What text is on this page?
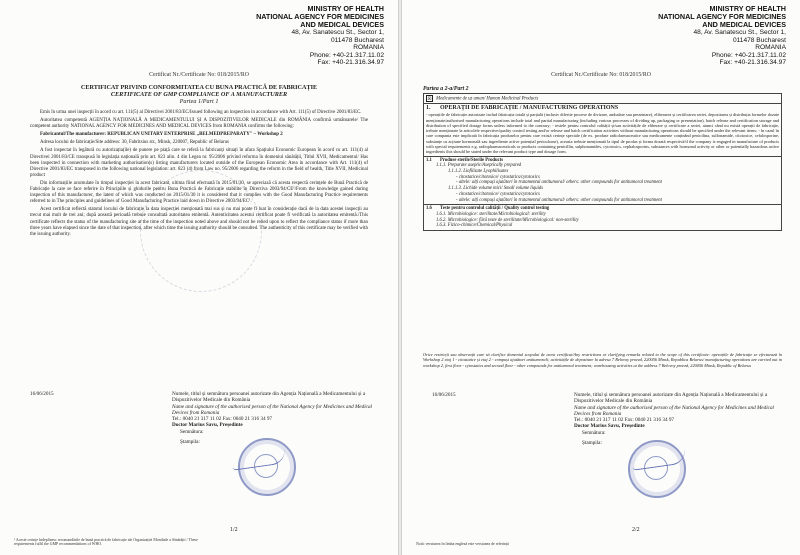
MINISTRY OF HEALTH
NATIONAL AGENCY FOR MEDICINES
AND MEDICAL DEVICES
48, Av. Sanatescu St., Sector 1,
011478 Bucharest
ROMANIA
Phone: +40-21.317.11.02
Fax: +40-21.316.34.97
Certificat Nr./Certificate No: 018/2015/RO
CERTIFICAT PRIVIND CONFORMITATEA CU BUNA PRACTICĂ DE FABRICAȚIE
CERTIFICATE OF GMP COMPLIANCE OF A MANUFACTURER
Partea 1/Part 1

Emis în urma unei inspecții în acord cu art. 111(5) al Directivei 2001/83/EC/Issued following an inspection in accordance with Art. 111(5) of Directive 2001/83/EC.

Autoritatea competentă AGENȚIA NAȚIONALĂ A MEDICAMENTULUI ȘI A DISPOZITIVELOR MEDICALE din ROMÂNIA confirmă următoarele/ The competent authority NATIONAL AGENCY FOR MEDICINES AND MEDICAL DEVICES from ROMANIA confirms the following:

Fabricantul/The manufacturer: REPUBLICAN UNITARY ENTERPRISE „BELMEDPREPARATY" – Workshop 2

Adresa locului de fabricație/Site address: 30, Fabritsius str., Minsk, 220007, Republic of Belarus

A fost inspectat în legătură cu autorizația(ile) de punere pe piață care se referă la fabricanți situați în afara Spațiului Economic European în acord cu art. 111(4) al Directivei 2001/83/CE transpusă în legislația națională prin art. 823 alin. 4 din Legea nr. 95/2006 privind reforma în domeniul sănătății, Titlul XVII, Medicamentul/ Has been inspected in connection with marketing authorisation(s) listing manufacturers located outside of the European Economic Area in accordance with Art. 111(4) of Directive 2001/83/EC transposed in the following national legislation: art. 823 (4) from Law no. 95/2006 regarding the reform in the field of health, Title XVII, Medicinal product

Din informațiile acumulate în timpul inspecției la acest fabricant, ultima fiind efectuată în 2015/01/30, se apreciază că acesta respectă cerințele de Bună Practică de Fabricație la care se face referire în Principiile și ghidurile pentru Buna Practică de Fabricație stabilite în Directiva 2003/94/CE¹/From the knowledge gained during inspection of this manufacturer, the latest of which was conducted on 2015/01/30 it is considered that it complies with the Good Manufacturing Practice requirements referred to in The principles and guidelines of Good Manufacturing Practice laid down in Directive 2003/94/EC¹.

Acest certificat reflectă statutul locului de fabricație la data inspecției menționată mai sus și nu mai poate fi luat în considerație dacă de la data acestei inspecții au trecut mai mult de trei ani; după această perioadă trebuie consultată autoritatea emitentă. Autenticitatea acestui certificat poate fi verificată la autoritatea emitentă./This certificate reflects the status of the manufacturing site at the time of the inspection noted above and should not be relied upon to reflect the compliance status if more than three years have elapsed since the date of that inspection, after which time the issuing authority should be consulted. The authenticity of this certificate may be verified with the issuing authority.

16/06/2015	Numele, titlul și semnătura persoanei autorizate din Agenția Națională a Medicamentului și a Dispozitivelor Medicale din România
Name and signature of the authorised person of the National Agency for Medicines and Medical Devices from Romania
Tel.: 0040 21 317 11 02 Fax: 0040 21 316 34 97
Doctor Marius Savu, Președinte
Semnătura:
Ștampila:
¹ Aceste cerințe îndeplinesc recomandările de bună practică de fabricație ale Organizației Mondiale a Sănătății / These requirements fulfil the GMP recommendations of WHO.
1/2
MINISTRY OF HEALTH
NATIONAL AGENCY FOR MEDICINES
AND MEDICAL DEVICES
48, Av. Sanatescu St., Sector 1,
011478 Bucharest
ROMANIA
Phone: +40-21.317.11.02
Fax: +40-21.316.34.97
Certificat Nr./Certificate No: 018/2015/RO
Partea a 2-a/Part 2
☒ Medicamente de uz uman/ Human Medicinal Products
1.	OPERAȚII DE FABRICAȚIE / MANUFACTURING OPERATIONS
- operațiile de fabricație autorizate includ fabricația totală și parțială (inclusiv diferite procese de divizare, ambalare sau prezentare), eliberarea și certificarea seriei, depozitarea și distribuția formelor dozate menționate/authorised manufacturing operations include total and partial manufacturing (including various processes of dividing up, packaging or presentation), batch release and certification storage and distribution of specified dosage forms unless informed to the contrary; - testele pentru controlul calității și/sau activitățile de eliberare și certificare a seriei, atunci când nu există operații de fabricație, trebuie menționate la articolele respective/quality control testing and/or release and batch certification activities without manufacturing operations should be specified under the relevant items; - în cazul în care compania este implicată în fabricația produselor pentru care există cerințe speciale (de ex. produse radiofarmaceutice sau medicamente conținând penicilina, sulfonamide, citotoxice, cefalosporine, substanțe cu acțiune hormonală sau ingrediente active potențial periculoase), aceasta trebuie menționată la tipul de produs și forma dozată respectivă/if the company is engaged in manufacture of products with special requirements e.g. radiopharmaceuticals or products containing penicillin, sulphonamides, cytotoxics, cephalosporins, substances with hormonal activity or other or potentially hazardous active ingredients this should be stated under the relevant product type and dosage form.
1.1	Produse sterile/Sterile Products
1.1.1. Preparate aseptic/Aseptically prepared
1.1.1.2. Liofilizate Lyophilisates
- citostatice/citotoxice/ cytostatics/cytotoxics
- altele: alți compuși ajutători în tratamentul antitumoral/ others: other compounds for antitumoral treatment
1.1.1.3. Lichide volume mici/ Small volume liquids
- citostatice/citotoxice/ cytostatics/cytotoxics
- altele: alți compuși ajutători în tratamentul antitumoral/ others: other compounds for antitumoral treatment
1.6	Teste pentru controlul calității / Quality control testing
1.6.1. Microbiologice: sterilitate/Microbiological: sterility
1.6.2. Microbiologice: fără teste de sterilitate/Microbiological: non-sterility
1.6.3. Fizico-chimice/Chemical/Physical
Orice restricții sau observații care să clarifice domeniul scopului de acest certificat/Any restrictions or clarifying remarks related to the scope of this certificate: operațiile de fabricație se efectuează în Workshop 2 etaj 1 - citostatice și etaj 2 - compuși ajutători antitumorali; activitățile de depozitare la adresa 7 Belovoy proezd, 220056 Minsk, Republica Belarus/ manufacturing operations are carried out in workshop 2, first floor - cytostatics and second floor - other compounds for antitumoral treatment; warehousing activities at the address 7 Belovoy proezd, 220056 Minsk, Republic of Belarus
16/06/2015	Numele, titlul și semnătura persoanei autorizate din Agenția Națională a Medicamentului și a Dispozitivelor Medicale din România
Name and signature of the authorised person of the National Agency for Medicines and Medical Devices from Romania
Tel.: 0040 21 317 11 02 Fax: 0040 21 316 34 97
Doctor Marius Savu, Președinte
Semnătura:
Ștampila:
Notă: versiunea în limba engleză este versiunea de referință
2/2
